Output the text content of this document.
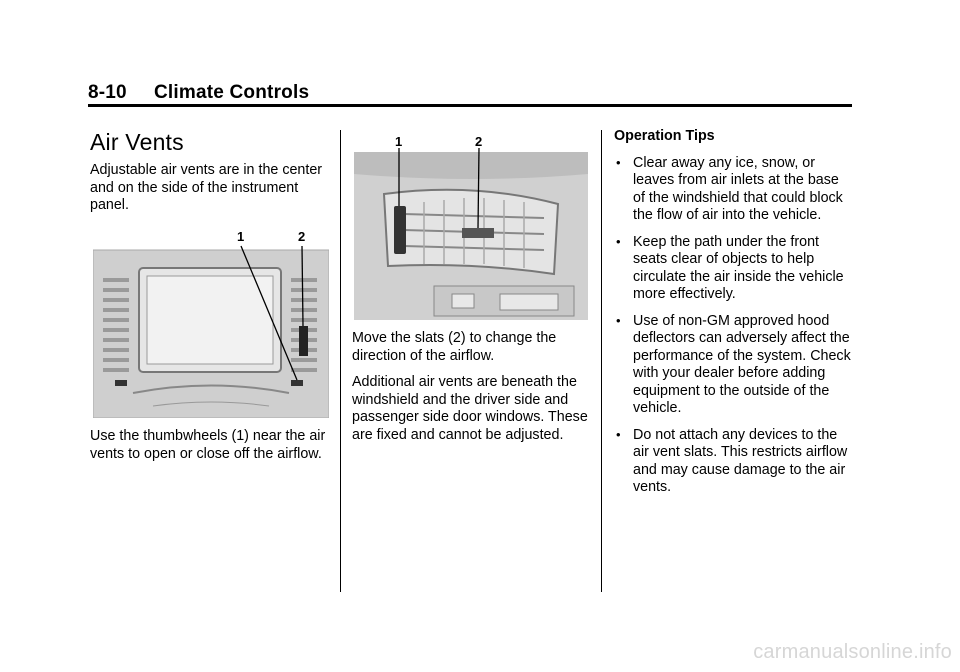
8-10 Climate Controls
Air Vents

Adjustable air vents are in the center and on the side of the instrument panel.

1	2

Use the thumbwheels (1) near the air vents to open or close off the airflow.

1	2

Move the slats (2) to change the direction of the airflow.

Additional air vents are beneath the windshield and the driver side and passenger side door windows. These are fixed and cannot be adjusted.

Operation Tips

• Clear away any ice, snow, or leaves from air inlets at the base of the windshield that could block the flow of air into the vehicle.
• Keep the path under the front seats clear of objects to help circulate the air inside the vehicle more effectively.
• Use of non-GM approved hood deflectors can adversely affect the performance of the system. Check with your dealer before adding equipment to the outside of the vehicle.
• Do not attach any devices to the air vent slats. This restricts airflow and may cause damage to the air vents.
carmanualsonline.info
